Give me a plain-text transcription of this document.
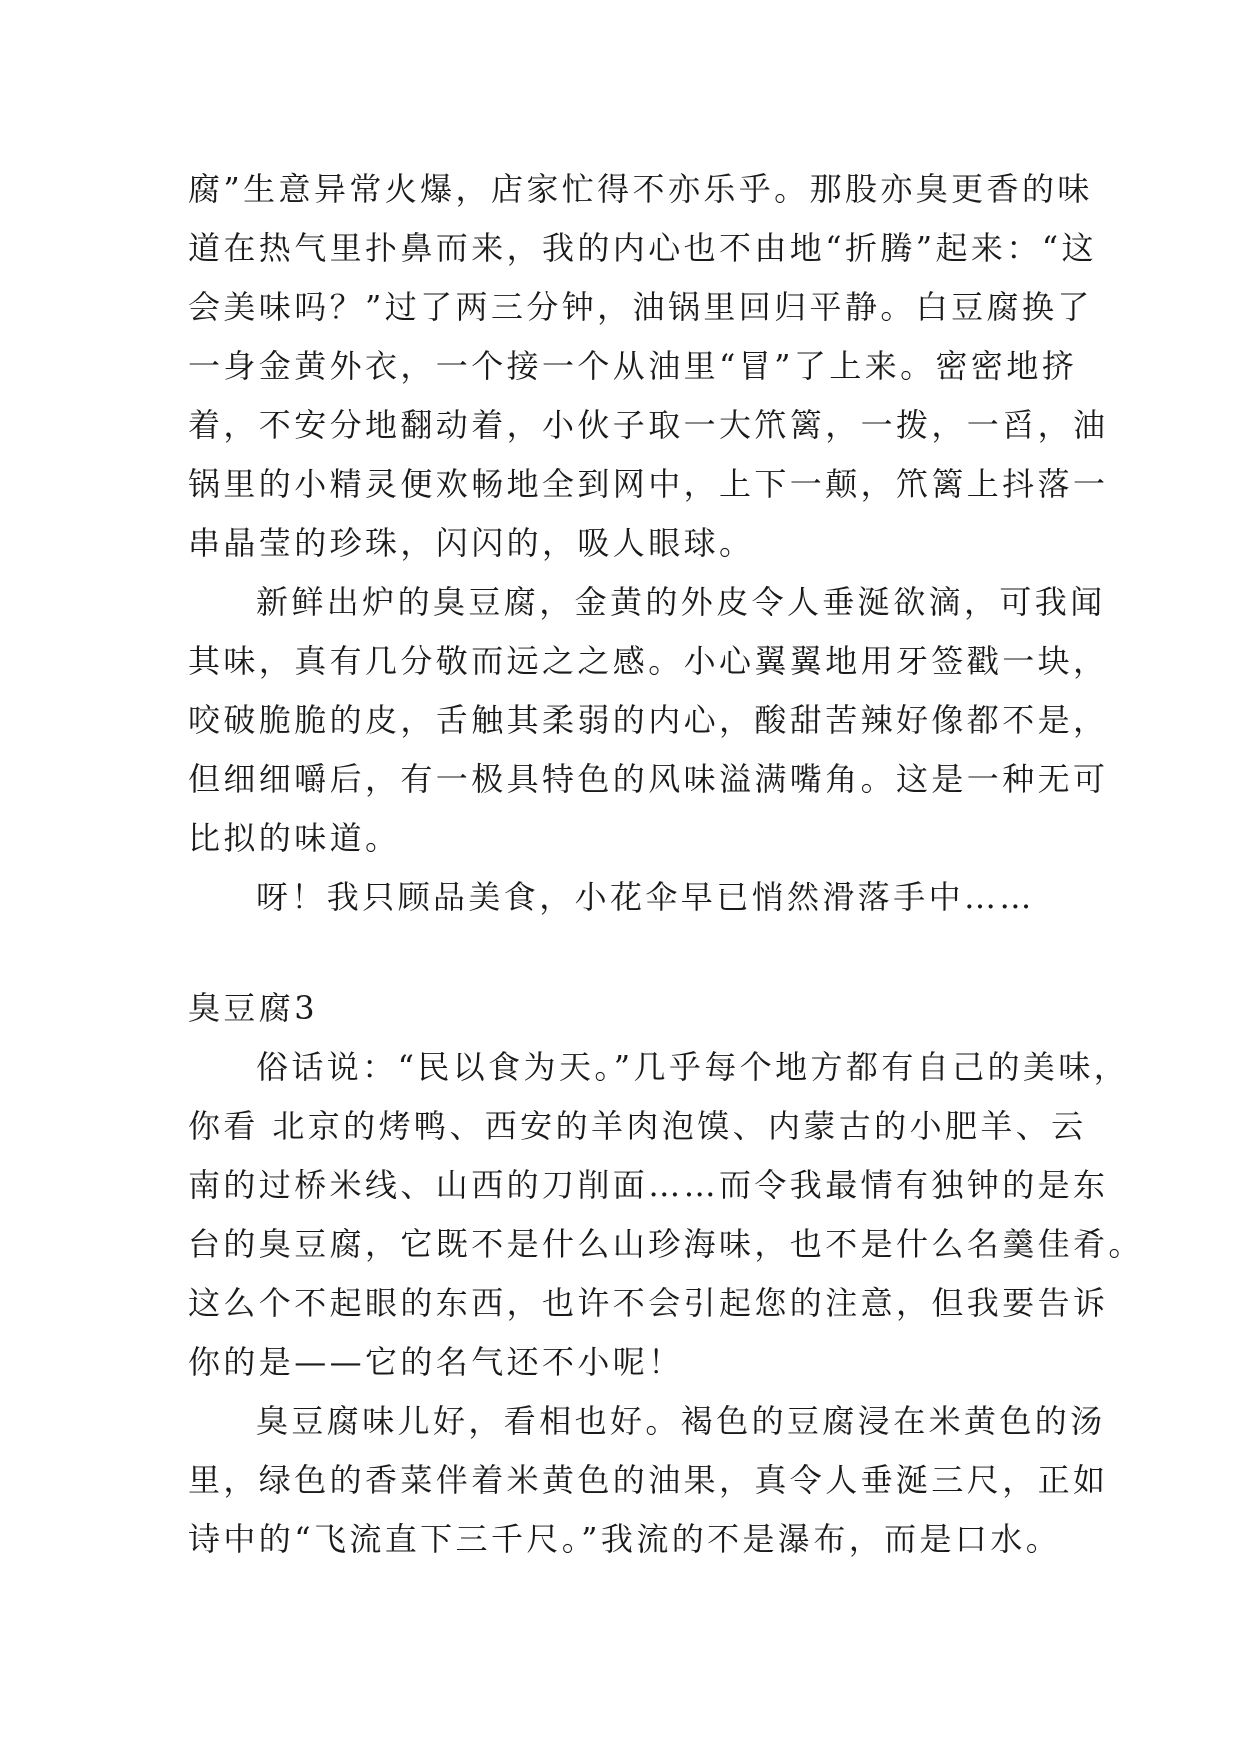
腐”生意异常火爆，店家忙得不亦乐乎。那股亦臭更香的味
道在热气里扑鼻而来，我的内心也不由地“折腾”起来：“这
会美味吗？”过了两三分钟，油锅里回归平静。白豆腐换了
一身金黄外衣，一个接一个从油里“冒”了上来。密密地挤
着，不安分地翻动着，小伙子取一大笊篱，一拨，一舀，油
锅里的小精灵便欢畅地全到网中，上下一颠，笊篱上抖落一
串晶莹的珍珠，闪闪的，吸人眼球。
新鲜出炉的臭豆腐，金黄的外皮令人垂涎欲滴，可我闻
其味，真有几分敬而远之之感。小心翼翼地用牙签戳一块，
咬破脆脆的皮，舌触其柔弱的内心，酸甜苦辣好像都不是，
但细细嚼后，有一极具特色的风味溢满嘴角。这是一种无可
比拟的味道。
呀！我只顾品美食，小花伞早已悄然滑落手中……
臭豆腐3
俗话说：“民以食为天。”几乎每个地方都有自己的美味，
你看 北京的烤鸭、西安的羊肉泡馍、内蒙古的小肥羊、云
南的过桥米线、山西的刀削面……而令我最情有独钟的是东
台的臭豆腐，它既不是什么山珍海味，也不是什么名羹佳肴。
这么个不起眼的东西，也许不会引起您的注意，但我要告诉
你的是——它的名气还不小呢！
臭豆腐味儿好，看相也好。褐色的豆腐浸在米黄色的汤
里，绿色的香菜伴着米黄色的油果，真令人垂涎三尺，正如
诗中的“飞流直下三千尺。”我流的不是瀑布，而是口水。
